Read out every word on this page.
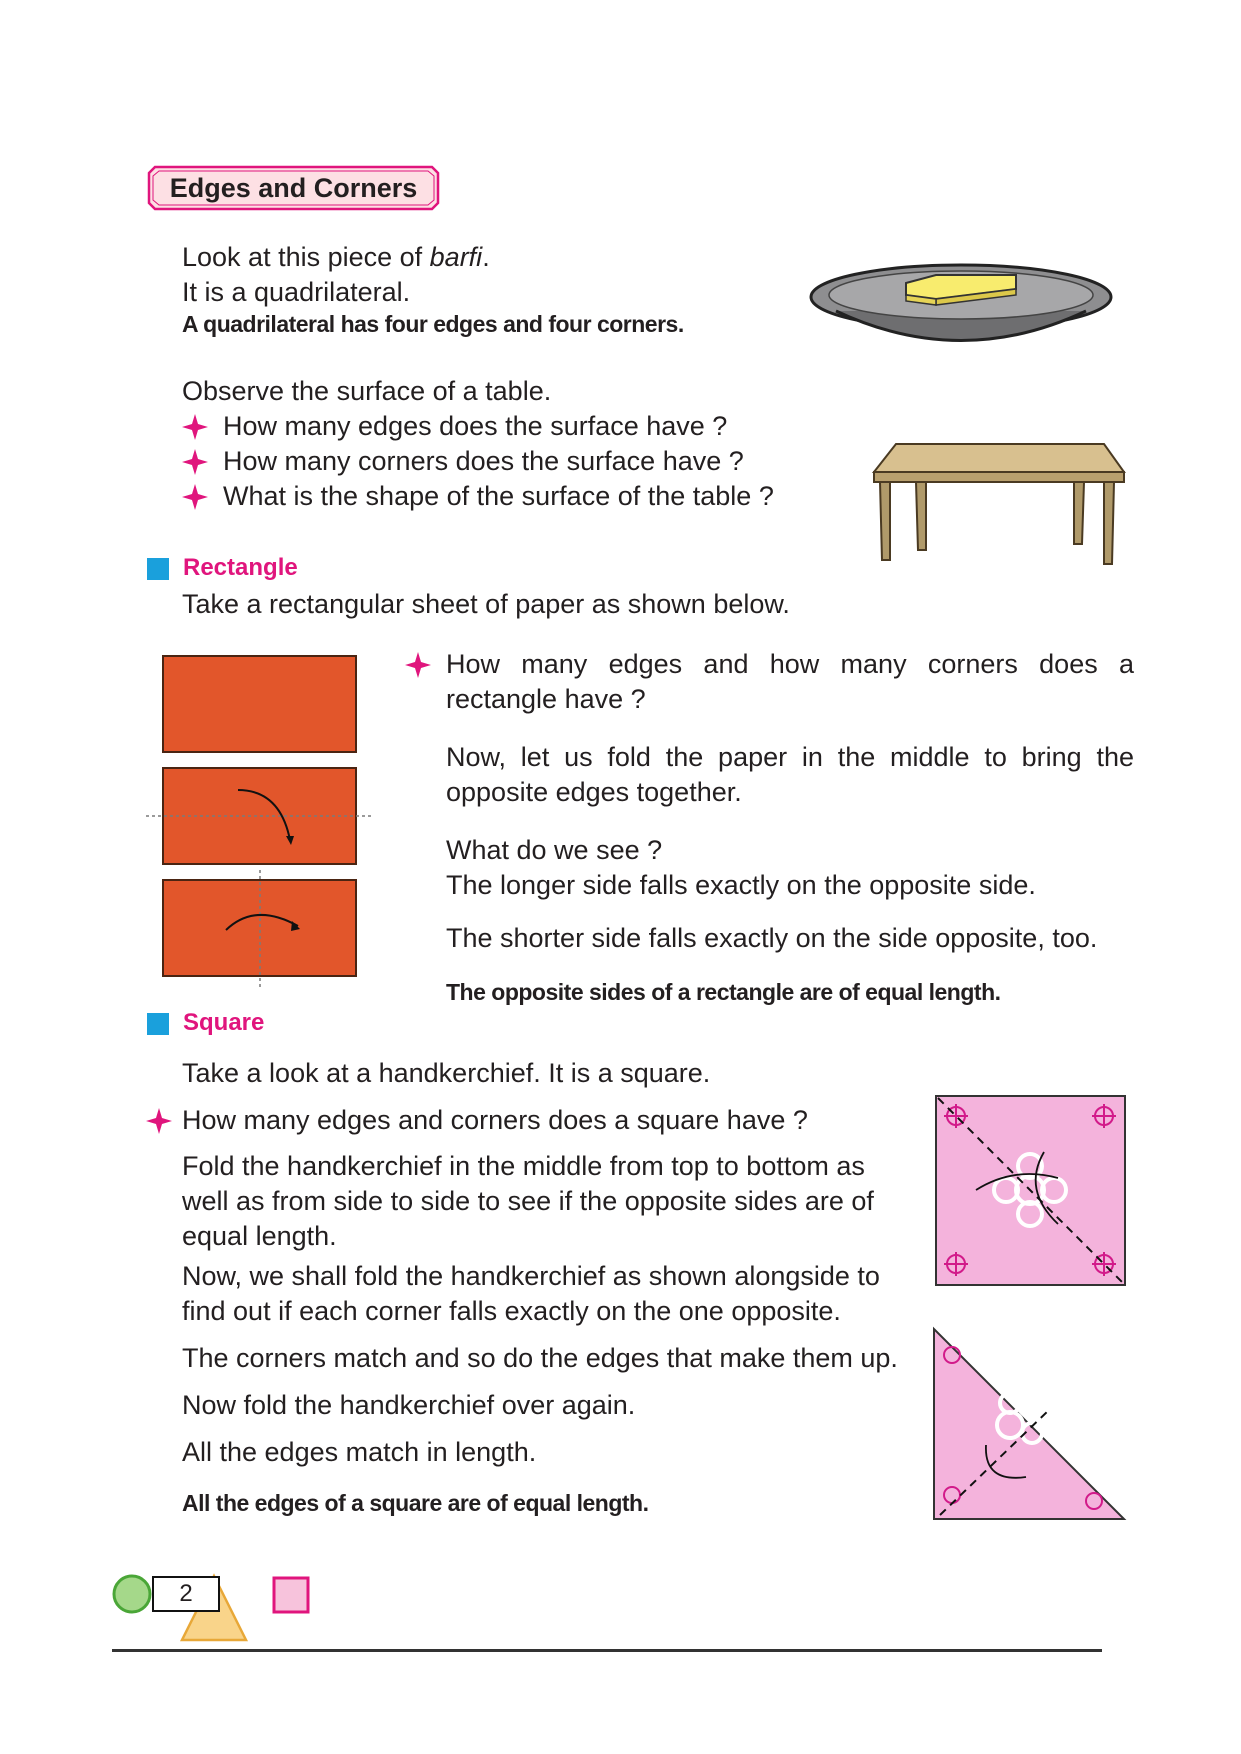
Edges and Corners
Look at this piece of barfi.
It is a quadrilateral.
A quadrilateral has four edges and four corners.
Observe the surface of a table.
How many edges does the surface have ?
How many corners does the surface have ?
What is the shape of the surface of the table ?
Rectangle
Take a rectangular sheet of paper as shown below.
How many edges and how many corners does a rectangle have ?
Now, let us fold the paper in the middle to bring the opposite edges together.
What do we see ?
The longer side falls exactly on the opposite side.
The shorter side falls exactly on the side opposite, too.
The opposite sides of a rectangle are of equal length.
Square
Take a look at a handkerchief. It is a square.
How many edges and corners does a square have ?
Fold the handkerchief in the middle from top to bottom as
well as from side to side to see if the opposite sides are of
equal length.
Now, we shall fold the handkerchief as shown alongside to
find out if each corner falls exactly on the one opposite.
The corners match and so do the edges that make them up.
Now fold the handkerchief over again.
All the edges match in length.
All the edges of a square are of equal length.
2
